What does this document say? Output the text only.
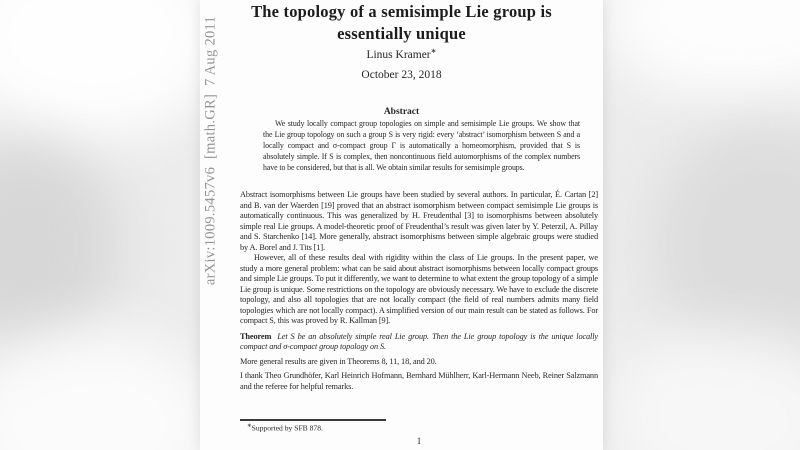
arXiv:1009.5457v6  [math.GR]  7 Aug 2011
The topology of a semisimple Lie group is
essentially unique
Linus Kramer∗
October 23, 2018
Abstract
We study locally compact group topologies on simple and semisimple Lie groups. We show that the Lie group topology on such a group S is very rigid: every ‘abstract’ isomorphism between S and a locally compact and σ-compact group Γ is automatically a homeomorphism, provided that S is absolutely simple. If S is complex, then noncontinuous field automorphisms of the complex numbers have to be considered, but that is all. We obtain similar results for semisimple groups.

Abstract isomorphisms between Lie groups have been studied by several authors. In particular, É. Cartan [2] and B. van der Waerden [19] proved that an abstract isomorphism between compact semisimple Lie groups is automatically continuous. This was generalized by H. Freudenthal [3] to isomorphisms between absolutely simple real Lie groups. A model-theoretic proof of Freudenthal’s result was given later by Y. Peterzil, A. Pillay and S. Starchenko [14]. More generally, abstract isomorphisms between simple algebraic groups were studied by A. Borel and J. Tits [1].

However, all of these results deal with rigidity within the class of Lie groups. In the present paper, we study a more general problem: what can be said about abstract isomorphisms between locally compact groups and simple Lie groups. To put it differently, we want to determine to what extent the group topology of a simple Lie group is unique. Some restrictions on the topology are obviously necessary. We have to exclude the discrete topology, and also all topologies that are not locally compact (the field of real numbers admits many field topologies which are not locally compact). A simplified version of our main result can be stated as follows. For compact S, this was proved by R. Kallman [9].

Theorem Let S be an absolutely simple real Lie group. Then the Lie group topology is the unique locally compact and σ-compact group topology on S.

More general results are given in Theorems 8, 11, 18, and 20.

I thank Theo Grundhöfer, Karl Heinrich Hofmann, Bernhard Mühlherr, Karl-Hermann Neeb, Reiner Salzmann and the referee for helpful remarks.

∗Supported by SFB 878.
1
